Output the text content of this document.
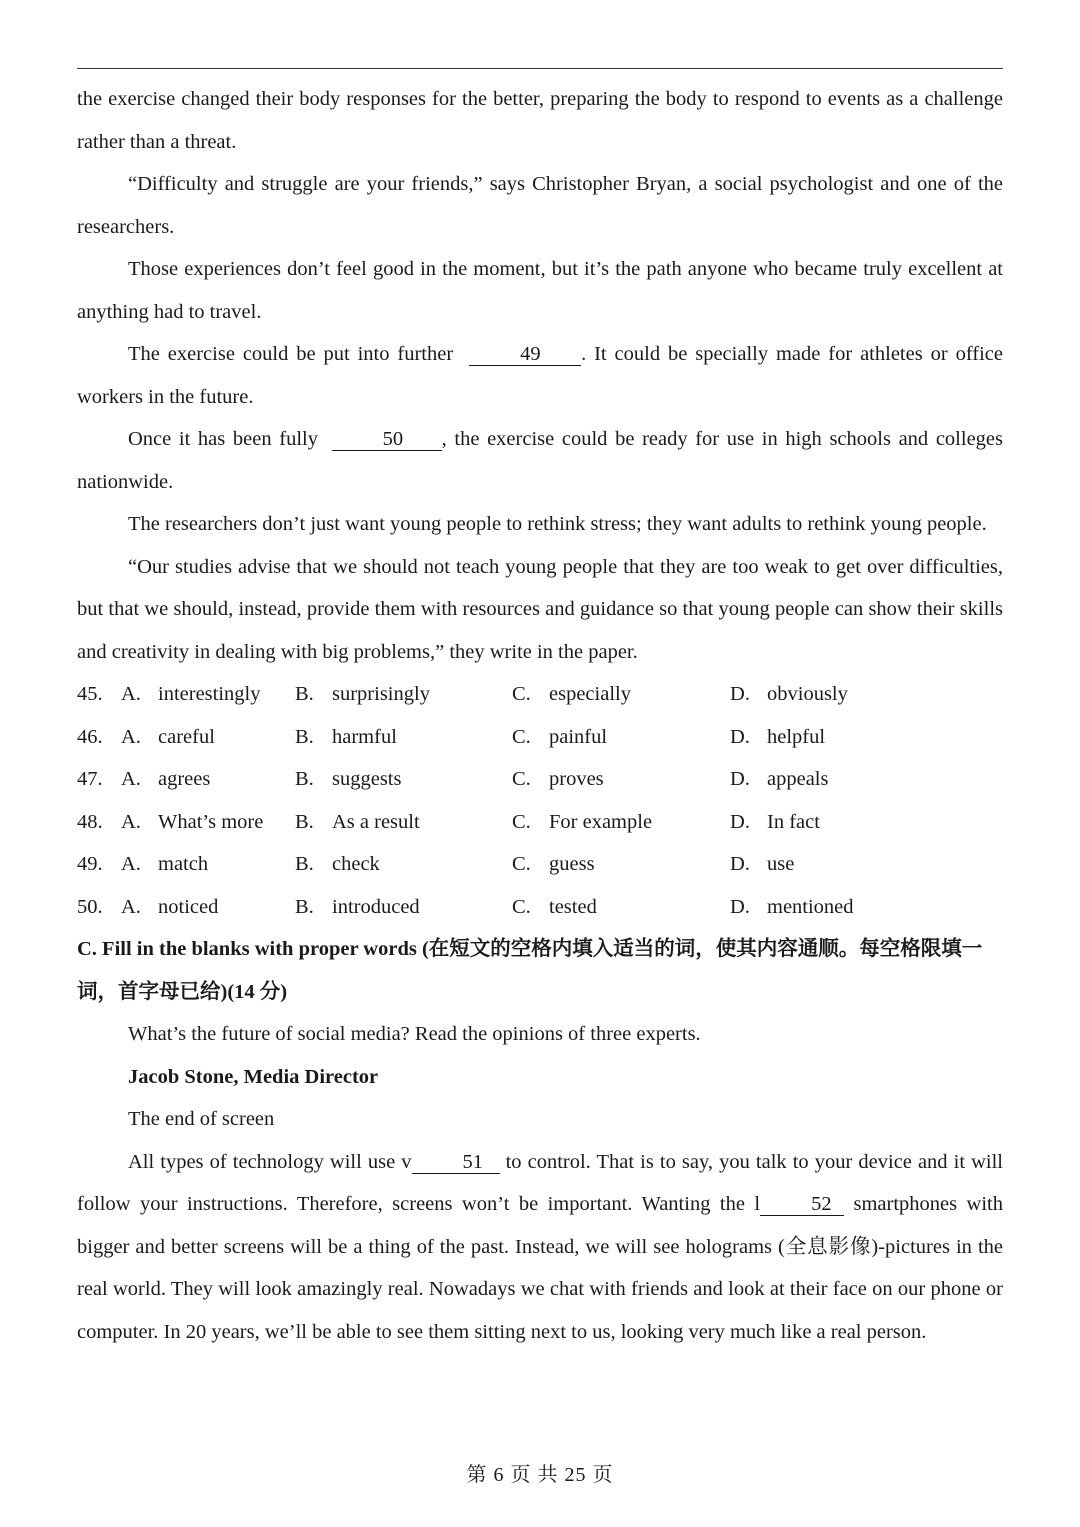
the exercise changed their body responses for the better, preparing the body to respond to events as a challenge rather than a threat.

“Difficulty and struggle are your friends,” says Christopher Bryan, a social psychologist and one of the researchers.

Those experiences don’t feel good in the moment, but it’s the path anyone who became truly excellent at anything had to travel.

The exercise could be put into further	49 . It could be specially made for athletes or office workers in the future.

Once it has been fully	50 , the exercise could be ready for use in high schools and colleges nationwide.

The researchers don’t just want young people to rethink stress; they want adults to rethink young people.

“Our studies advise that we should not teach young people that they are too weak to get over difficulties, but that we should, instead, provide them with resources and guidance so that young people can show their skills and creativity in dealing with big problems,” they write in the paper.

45. A. interestingly B. surprisingly	C. especially	D. obviously
46. A. careful	B. harmful	C. painful	D. helpful
47. A. agrees	B. suggests	C. proves	D. appeals
48. A. What’s more B. As a result	C. For example	D. In fact
49. A. match	B. check	C. guess	D. use
50. A. noticed	B. introduced	C. tested	D. mentioned

C. Fill in the blanks with proper words (在短文的空格内填入适当的词，使其内容通顺。每空格限填一词，首字母已给)(14 分)

What’s the future of social media? Read the opinions of three experts.

Jacob Stone, Media Director

The end of screen

All types of technology will use v 51 to control. That is to say, you talk to your device and it will follow your instructions. Therefore, screens won’t be important. Wanting the l 52 smartphones with bigger and better screens will be a thing of the past. Instead, we will see holograms (全息影像)-pictures in the real world. They will look amazingly real. Nowadays we chat with friends and look at their face on our phone or computer. In 20 years, we’ll be able to see them sitting next to us, looking very much like a real person.

第 6 页 共 25 页
